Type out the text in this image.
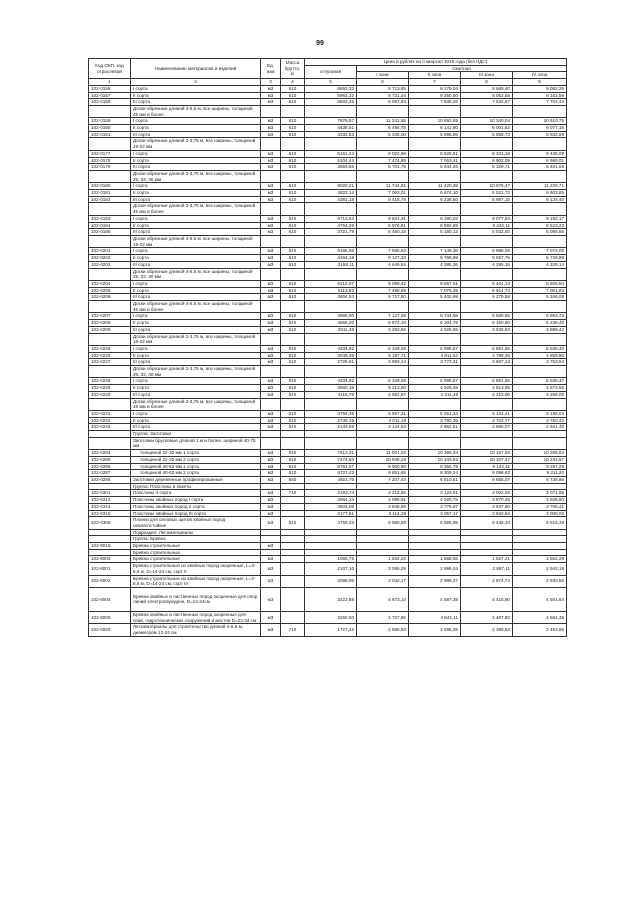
99
Код ОКП, код отраслевой	Наименование материалов и изделий	Ед. изм	Масса брутто, кг	Цена в рублях на II квартал 2016 года (без НДС)				
				отпускная	Сметная			
					I зона	II зона	III зона	IV зона
1	2	3	4	5	6	7	8	9
102-0156	I сорта	м3	610	6693,33	9 713,85	8 179,04	8 669,40	9 082,26
102-0157	II сорта	м3	610	5962,32	8 731,24	8 250,50	8 062,58	8 163,59
102-0158	III сорта	м3	610	5502,45	8 057,84	7 835,26	7 532,97	7 704,44
	Доски обрезные длиной 4-6,5 м, все ширины, толщиной 45 мм и более							
102-0159	I сорта	м3	610	7876,57	11 241,55	10 692,65	10 340,04	10 510,75
102-0160	II сорта	м3	610	4438,51	6 498,75	6 141,90	6 001,62	6 077,16
102-0161	III сорта	м3	610	4332,83	6 345,00	5 995,86	5 858,73	5 932,59
	Доски обрезные длиной 2-3,75 м, все ширины, толщиной 19-22 мм							
102-0177	I сорта	м3	610	6161,24	9 022,66	8 525,91	8 331,18	8 436,09
102-0178	II сорта	м3	610	5104,44	7 474,85	7 063,41	6 902,09	6 989,01
102-0179	III сорта	м3	610	3893,56	5 701,76	5 644,25	5 329,71	5 451,68
	Доски обрезные длиной 2-3,75 м, все ширины, толщиной 25, 32, 40 мм							
102-0180	I сорта	м3	610	8020,21	11 744,81	11 420,38	10 978,47	11 229,71
102-0181	II сорта	м3	610	4823,14	7 063,01	6 674,10	6 521,72	6 603,85
102-0182	III сорта	м3	610	4381,18	6 415,78	6 238,56	5 997,15	6 134,40
	Доски обрезные длиной 2-3,75 м, все ширины, толщиной 45 мм и более							
102-0183	I сорта	м3	610	6713,54	9 831,31	9 290,02	9 077,84	9 192,17
102-0184	II сорта	м3	610	4764,26	6 976,81	6 592,69	6 442,11	6 523,23
102-0185	III сорта	м3	610	3721,79	5 450,18	5 150,12	5 032,50	5 095,86
	Доски обрезные длиной 4-6,5 м, все ширины, толщиной 19-22 мм							
102-0201	I сорта	м3	610	5166,56	7 565,92	7 149,36	6 986,08	7 074,05
102-0202	II сорта	м3	610	4164,19	6 127,33	5 789,99	5 657,75	5 728,98
102-0203	III сорта	м3	610	3158,11	4 649,64	4 385,36	4 285,15	4 339,14
	Доски обрезные длиной 4-6,5 м, все ширины, толщиной 25, 32, 40 мм							
102-0204	I сорта	м3	610	6213,07	9 098,42	8 597,51	8 401,13	8 506,94
102-0205	II сорта	м3	610	5113,83	7 488,69	7 076,39	6 914,74	7 001,83
102-0206	III сорта	м3	610	3904,53	5 717,80	5 402,99	5 279,58	5 346,08
	Доски обрезные длиной 4-6,5 м, все ширины, толщиной 45 мм и более							
102-0207	I сорта	м3	610	4866,90	7 127,08	6 734,68	6 580,86	6 663,73
102-0208	II сорта	м3	610	4556,20	6 672,16	6 304,79	6 160,80	6 238,40
102-0209	III сорта	м3	610	2911,46	4 263,56	4 028,65	3 936,63	3 986,42
	Доски обрезные длиной 2-3,75 м, все ширины, толщиной 19-22 мм							
102-0225	I сорта	м3	610	4334,92	6 348,06	5 998,57	5 861,56	5 935,40
102-0226	II сорта	м3	610	3549,38	5 197,71	4 911,54	4 799,36	4 859,80
102-0227	III сорта	м3	610	2726,61	3 993,14	3 773,31	3 687,13	3 753,54
	Доски обрезные длиной 2-3,75 м, все ширины, толщиной 25, 32, 40 мм							
102-0228	I сорта	м3	610	4334,92	6 348,06	5 998,57	5 861,56	5 935,37
102-0229	II сорта	м3	610	3560,18	5 213,50	4 926,48	4 813,95	4 874,56
102-0230	III сорта	м3	610	3115,75	4 562,67	4 311,48	4 213,00	4 266,05
	Доски обрезные длиной 2-3,75 м, все ширины, толщиной 45 мм и более							
102-0231	I сорта	м3	610	3794,35	5 557,31	5 251,34	5 131,41	5 196,03
102-0232	II сорта	м3	610	2739,15	4 011,19	3 790,35	3 703,77	3 750,42
102-0233	III сорта	м3	610	2133,65	3 124,53	2 952,51	2 885,07	2 921,40
	Группа: Заготовки							
	Заготовки брусковые длиной 1 м и более, шириной 40-75 мм							
102-0284	толщиной 22-32 мм 1 сорта	м3	610	7512,31	11 001,02	10 395,34	10 157,90	10 285,84
102-0285	толщиной 22-32 мм 2 сорта	м3	610	7474,93	10 946,29	10 343,62	10 107,37	10 234,67
102-0286	толщиной 40-63 мм 1 сорта	м3	610	6761,07	9 900,90	9 355,79	9 142,11	9 257,25
102-0287	толщиной 40-63 мм 2 сорта	м3	610	6727,43	9 851,65	9 309,24	9 096,63	9 211,20
102-0288	Заготовки деревянные профилированные	м3	650	4921,75	7 207,44	6 810,61	6 655,07	6 738,86
	Группа: Пластины и пакеты							
102-0301	Пластины 4 сорта	м3	710	2193,74	3 212,55	3 123,61	3 002,93	3 071,65
102-0313	Пластины хвойных пород I сорта	м3		2864,24	4 095,91	4 020,75	3 870,45	3 945,60
102-0314	Пластины хвойных пород II сорта	м3		2602,08	3 846,66	3 779,97	3 637,80	3 706,41
102-0315	Пластины хвойных пород III сорта	м3		2177,61	3 114,29	3 057,17	2 942,84	3 000,00
102-0306	Планки для силовых щитов хвойных пород невлагостойкие	м3	610	4759,33	6 969,58	6 585,85	6 435,43	6 515,49
	Подраздел: Лесоматериалы							
	Группа: Бревна							
102-9015	Бревна строительные	м3						
	Бревна строительные							
102-8003	Бревна строительные	м3		1069,75	1 634,22	1 568,65	1 527,21	1 562,29
102-8001	Бревна строительные из хвойных пород окоренные, L=3-6,5 м, D=14-24 см, сорт II	м3		2107,10	3 055,29	2 999,24	2 887,11	2 943,19
102-8002	Бревна строительные из хвойных пород окоренные, L=3-6,5 м, D=14-24 см, сорт III	м3		2068,06	3 042,17	2 986,37	2 874,72	2 930,55
102-8004	Бревна хвойных и лиственных пород окоренные для опор линий электропередачи, D=14-24см	м3		3222,88	4 673,14	4 587,39	4 415,90	4 501,64
102-8005	Бревна хвойных и лиственных пород окоренные для свай, гидротехнических сооружений и мостов D=22-34 см	м3		3260,60	4 727,86	4 641,11	4 467,60	4 554,35
102-0020	Лесоматериалы для строительства длиной 4-6,5 м, диаметром 12-24 см	м3	710	1727,42	2 566,93	2 495,35	2 398,64	2 453,95
